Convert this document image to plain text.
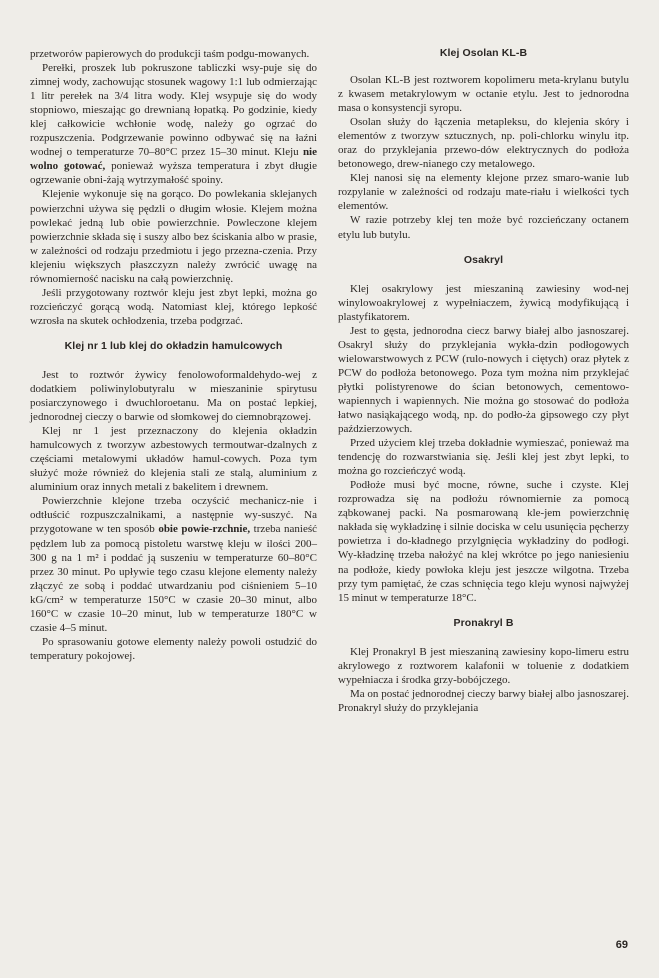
przetworów papierowych do produkcji taśm podgu-mowanych.

Perełki, proszek lub pokruszone tabliczki wsy-puje się do zimnej wody, zachowując stosunek wagowy 1:1 lub odmierzając 1 litr perełek na 3/4 litra wody. Klej wsypuje się do wody stopniowo, mieszając go drewnianą łopatką. Po godzinie, kiedy klej całkowicie wchłonie wodę, należy go ogrzać do rozpuszczenia. Podgrzewanie powinno odbywać się na łaźni wodnej o temperaturze 70–80°C przez 15–30 minut. Kleju nie wolno gotować, ponieważ wyższa temperatura i zbyt długie ogrzewanie obni-żają wytrzymałość spoiny.

Klejenie wykonuje się na gorąco. Do powlekania sklejanych powierzchni używa się pędzli o długim włosie. Klejem można powlekać jedną lub obie powierzchnie. Powleczone klejem powierzchnie składa się i suszy albo bez ściskania albo w prasie, w zależności od rodzaju przedmiotu i jego przezna-czenia. Przy klejeniu większych płaszczyzn należy zwrócić uwagę na równomierność nacisku na całą powierzchnię.

Jeśli przygotowany roztwór kleju jest zbyt lepki, można go rozcieńczyć gorącą wodą. Natomiast klej, którego lepkość wzrosła na skutek ochłodzenia, trzeba podgrzać.

Klej nr 1 lub klej do okładzin hamulcowych

Jest to roztwór żywicy fenolowoformaldehydo-wej z dodatkiem poliwinylobutyralu w mieszaninie spirytusu posiarczynowego i dwuchloroetanu. Ma on postać lepkiej, jednorodnej cieczy o barwie od słomkowej do ciemnobrązowej.

Klej nr 1 jest przeznaczony do klejenia okładzin hamulcowych z tworzyw azbestowych termoutwar-dzalnych z częściami metalowymi układów hamul-cowych. Poza tym służyć może również do klejenia stali ze stalą, aluminium z aluminium oraz innych metali z bakelitem i drewnem.

Powierzchnie klejone trzeba oczyścić mechanicz-nie i odtłuścić rozpuszczalnikami, a następnie wy-suszyć. Na przygotowane w ten sposób obie powie-rzchnie, trzeba nanieść pędzlem lub za pomocą pistoletu warstwę kleju w ilości 200–300 g na 1 m² i poddać ją suszeniu w temperaturze 60–80°C przez 30 minut. Po upływie tego czasu klejone elementy należy złączyć ze sobą i poddać utwardzaniu pod ciśnieniem 5–10 kG/cm² w temperaturze 150°C w czasie 20–30 minut, albo 160°C w czasie 10–20 minut, lub w temperaturze 180°C w czasie 4–5 minut.

Po sprasowaniu gotowe elementy należy powoli ostudzić do temperatury pokojowej.

Klej Osolan KL-B

Osolan KL-B jest roztworem kopolimeru meta-krylanu butylu z kwasem metakrylowym w octanie etylu. Jest to jednorodna masa o konsystencji syropu.

Osolan służy do łączenia metapleksu, do klejenia skóry i elementów z tworzyw sztucznych, np. poli-chlorku winylu itp. oraz do przyklejania przewo-dów elektrycznych do podłoża betonowego, drew-nianego czy metalowego.

Klej nanosi się na elementy klejone przez smaro-wanie lub rozpylanie w zależności od rodzaju mate-riału i wielkości tych elementów.

W razie potrzeby klej ten może być rozcieńczany octanem etylu lub butylu.

Osakryl

Klej osakrylowy jest mieszaniną zawiesiny wod-nej winylowoakrylowej z wypełniaczem, żywicą modyfikującą i plastyfikatorem.

Jest to gęsta, jednorodna ciecz barwy białej albo jasnoszarej. Osakryl służy do przyklejania wykła-dzin podłogowych wielowarstwowych z PCW (rulo-nowych i ciętych) oraz płytek z PCW do podłoża betonowego. Poza tym można nim przyklejać płytki polistyrenowe do ścian betonowych, cementowo-wapiennych i wapiennych. Nie można go stosować do podłoża łatwo nasiąkającego wodą, np. do podło-ża gipsowego czy płyt paździerzowych.

Przed użyciem klej trzeba dokładnie wymieszać, ponieważ ma tendencję do rozwarstwiania się. Jeśli klej jest zbyt lepki, to można go rozcieńczyć wodą.

Podłoże musi być mocne, równe, suche i czyste. Klej rozprowadza się na podłożu równomiernie za pomocą ząbkowanej packi. Na posmarowaną kle-jem powierzchnię nakłada się wykładzinę i silnie dociska w celu usunięcia pęcherzy powietrza i do-kładnego przylgnięcia wykładziny do podłogi. Wy-kładzinę trzeba nałożyć na klej wkrótce po jego naniesieniu na podłoże, kiedy powłoka kleju jest jeszcze wilgotna. Trzeba przy tym pamiętać, że czas schnięcia tego kleju wynosi najwyżej 15 minut w temperaturze 18°C.

Pronakryl B

Klej Pronakryl B jest mieszaniną zawiesiny kopo-limeru estru akrylowego z roztworem kalafonii w toluenie z dodatkiem wypełniacza i środka grzy-bobójczego.

Ma on postać jednorodnej cieczy barwy białej albo jasnoszarej. Pronakryl służy do przyklejania

69
